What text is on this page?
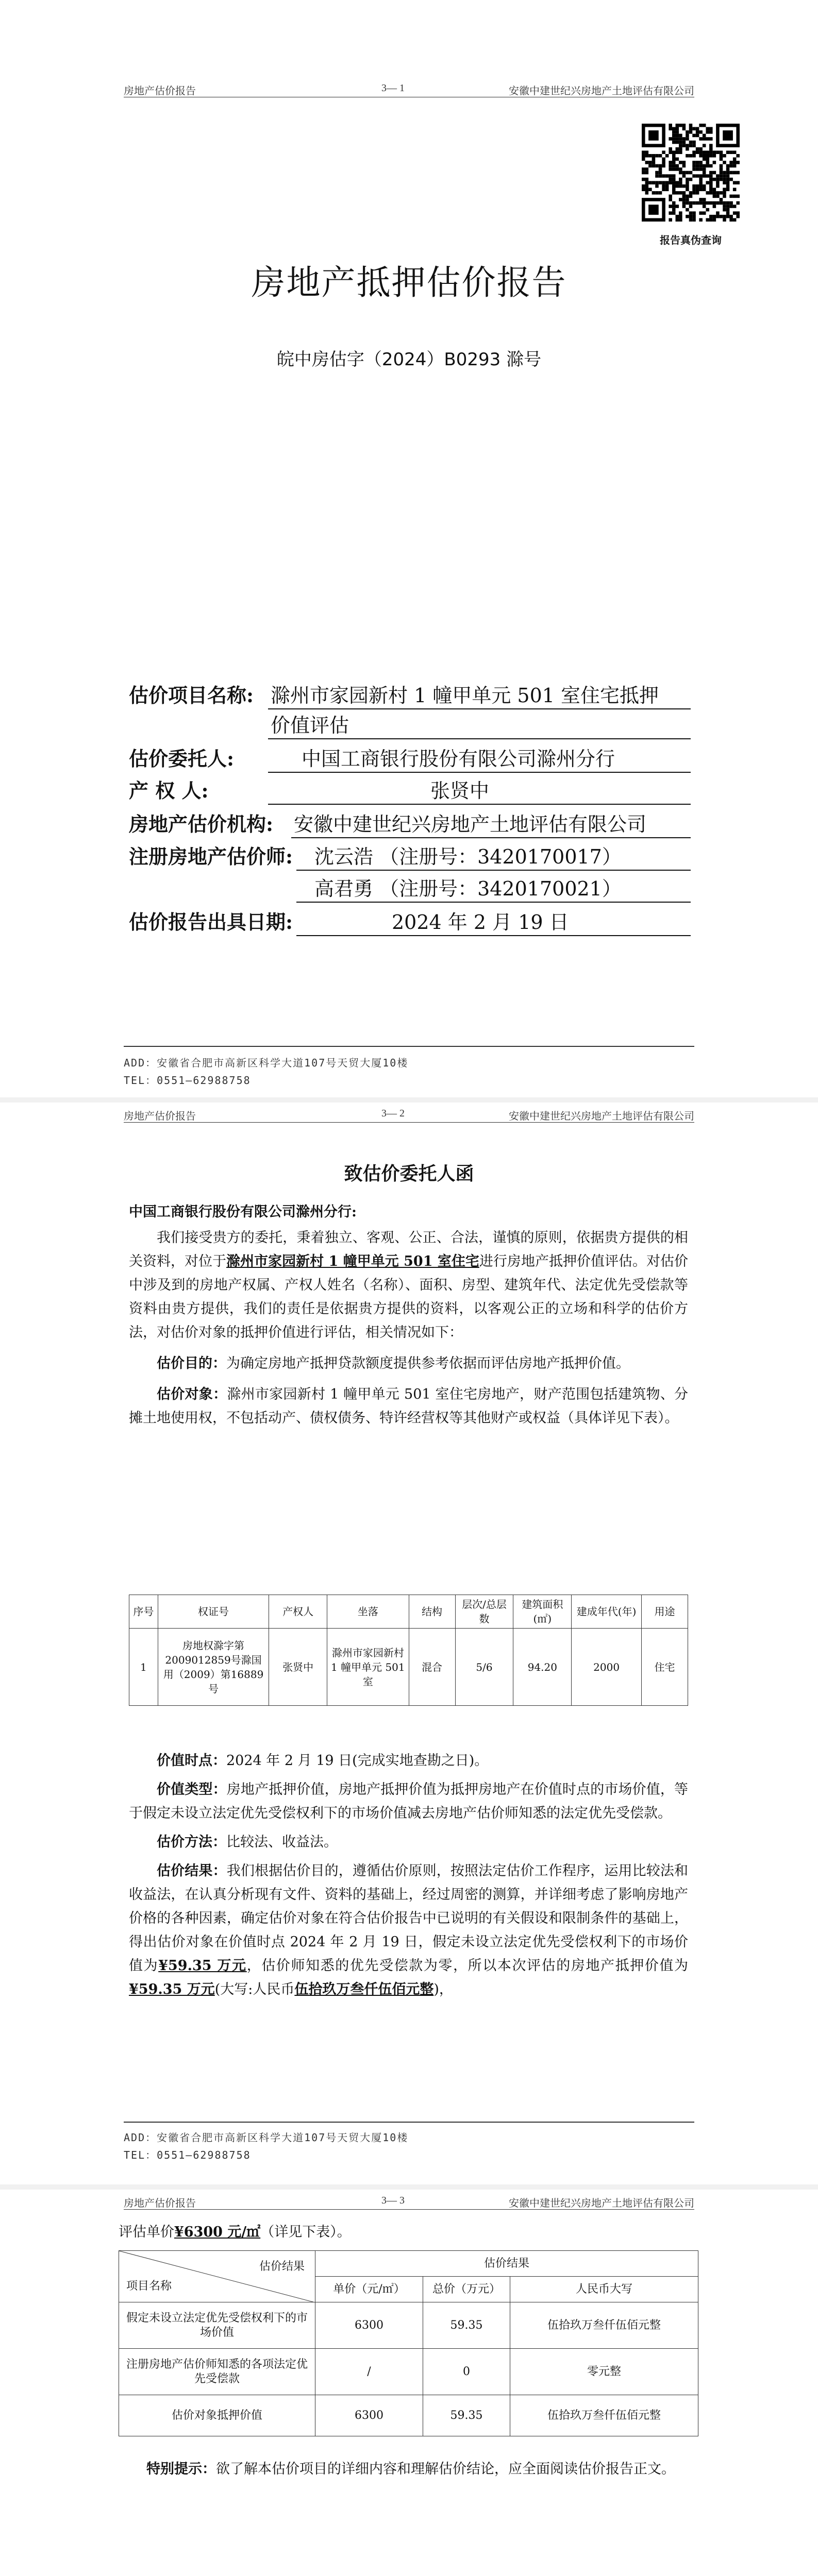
房地产估价报告	3— 1	安徽中建世纪兴房地产土地评估有限公司
报告真伪查询
房地产抵押估价报告
皖中房估字（2024）B0293 滁号
估价项目名称: 滁州市家园新村 1 幢甲单元 501 室住宅抵押
价值评估
估价委托人:	中国工商银行股份有限公司滁州分行
产 权 人:	张贤中
房地产估价机构: 安徽中建世纪兴房地产土地评估有限公司
注册房地产估价师: 沈云浩 （注册号：3420170017）
高君勇 （注册号：3420170021）
估价报告出具日期:	2024 年 2 月 19 日
ADD：安徽省合肥市高新区科学大道107号天贸大厦10楼
TEL：0551—62988758
房地产估价报告	3— 2	安徽中建世纪兴房地产土地评估有限公司
致估价委托人函
中国工商银行股份有限公司滁州分行:

我们接受贵方的委托，秉着独立、客观、公正、合法，谨慎的原则，依据贵方提供的相关资料，对位于滁州市家园新村 1 幢甲单元 501 室住宅进行房地产抵押价值评估。对估价中涉及到的房地产权属、产权人姓名（名称）、面积、房型、建筑年代、法定优先受偿款等资料由贵方提供，我们的责任是依据贵方提供的资料，以客观公正的立场和科学的估价方法，对估价对象的抵押价值进行评估，相关情况如下：

估价目的：为确定房地产抵押贷款额度提供参考依据而评估房地产抵押价值。

估价对象：滁州市家园新村 1 幢甲单元 501 室住宅房地产，财产范围包括建筑物、分摊土地使用权，不包括动产、债权债务、特许经营权等其他财产或权益（具体详见下表）。

序号	权证号	产权人	坐落	结构	层次/总层数	建筑面积(㎡)	建成年代(年)	用途
1	房地权滁字第2009012859号滁国用（2009）第16889号	张贤中	滁州市家园新村 1 幢甲单元 501 室	混合	5/6	94.20	2000	住宅

价值时点：2024 年 2 月 19 日(完成实地查勘之日)。

价值类型：房地产抵押价值，房地产抵押价值为抵押房地产在价值时点的市场价值，等于假定未设立法定优先受偿权利下的市场价值减去房地产估价师知悉的法定优先受偿款。

估价方法：比较法、收益法。

估价结果：我们根据估价目的，遵循估价原则，按照法定估价工作程序，运用比较法和收益法，在认真分析现有文件、资料的基础上，经过周密的测算，并详细考虑了影响房地产价格的各种因素，确定估价对象在符合估价报告中已说明的有关假设和限制条件的基础上，得出估价对象在价值时点 2024 年 2 月 19 日，假定未设立法定优先受偿权利下的市场价值为¥59.35 万元，估价师知悉的优先受偿款为零，所以本次评估的房地产抵押价值为¥59.35 万元(大写:人民币伍拾玖万叁仟伍佰元整)，

ADD：安徽省合肥市高新区科学大道107号天贸大厦10楼
TEL：0551—62988758
房地产估价报告	3— 3	安徽中建世纪兴房地产土地评估有限公司
评估单价¥6300 元/㎡（详见下表）。
估价结果
项目名称	估价结果		
	单价（元/㎡）	总价（万元）	人民币大写
假定未设立法定优先受偿权利下的市场价值	6300	59.35	伍拾玖万叁仟伍佰元整
注册房地产估价师知悉的各项法定优先受偿款	/	0	零元整
估价对象抵押价值	6300	59.35	伍拾玖万叁仟伍佰元整

特别提示：欲了解本估价项目的详细内容和理解估价结论，应全面阅读估价报告正文。
